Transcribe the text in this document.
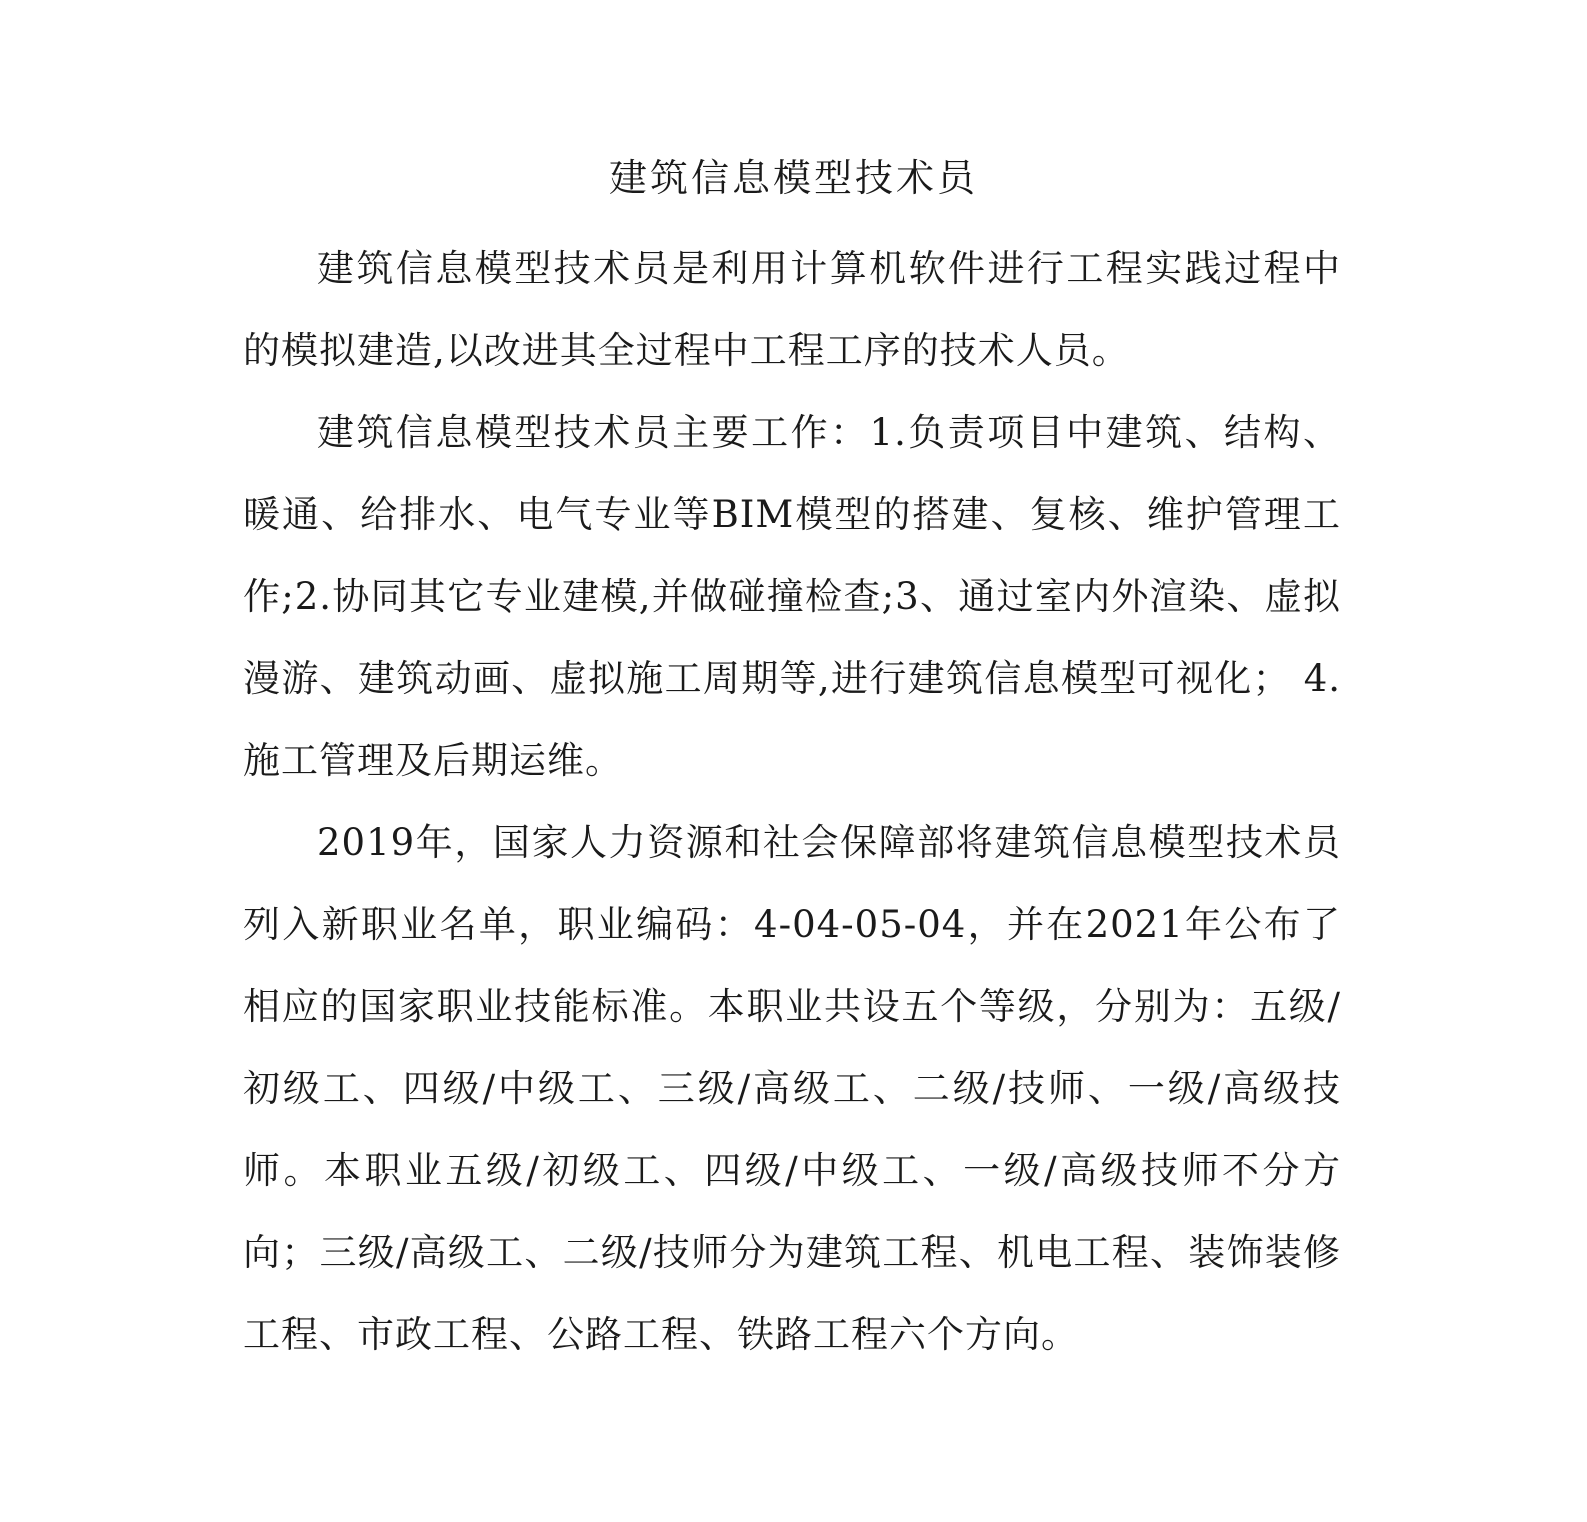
建筑信息模型技术员

建筑信息模型技术员是利用计算机软件进行工程实践过程中的模拟建造,以改进其全过程中工程工序的技术人员。

建筑信息模型技术员主要工作：1.负责项目中建筑、结构、暖通、给排水、电气专业等BIM模型的搭建、复核、维护管理工作;2.协同其它专业建模,并做碰撞检查;3、通过室内外渲染、虚拟漫游、建筑动画、虚拟施工周期等,进行建筑信息模型可视化； 4.施工管理及后期运维。

2019年，国家人力资源和社会保障部将建筑信息模型技术员列入新职业名单，职业编码：4-04-05-04，并在2021年公布了相应的国家职业技能标准。本职业共设五个等级，分别为：五级/初级工、四级/中级工、三级/高级工、二级/技师、一级/高级技师。本职业五级/初级工、四级/中级工、一级/高级技师不分方向；三级/高级工、二级/技师分为建筑工程、机电工程、装饰装修工程、市政工程、公路工程、铁路工程六个方向。
